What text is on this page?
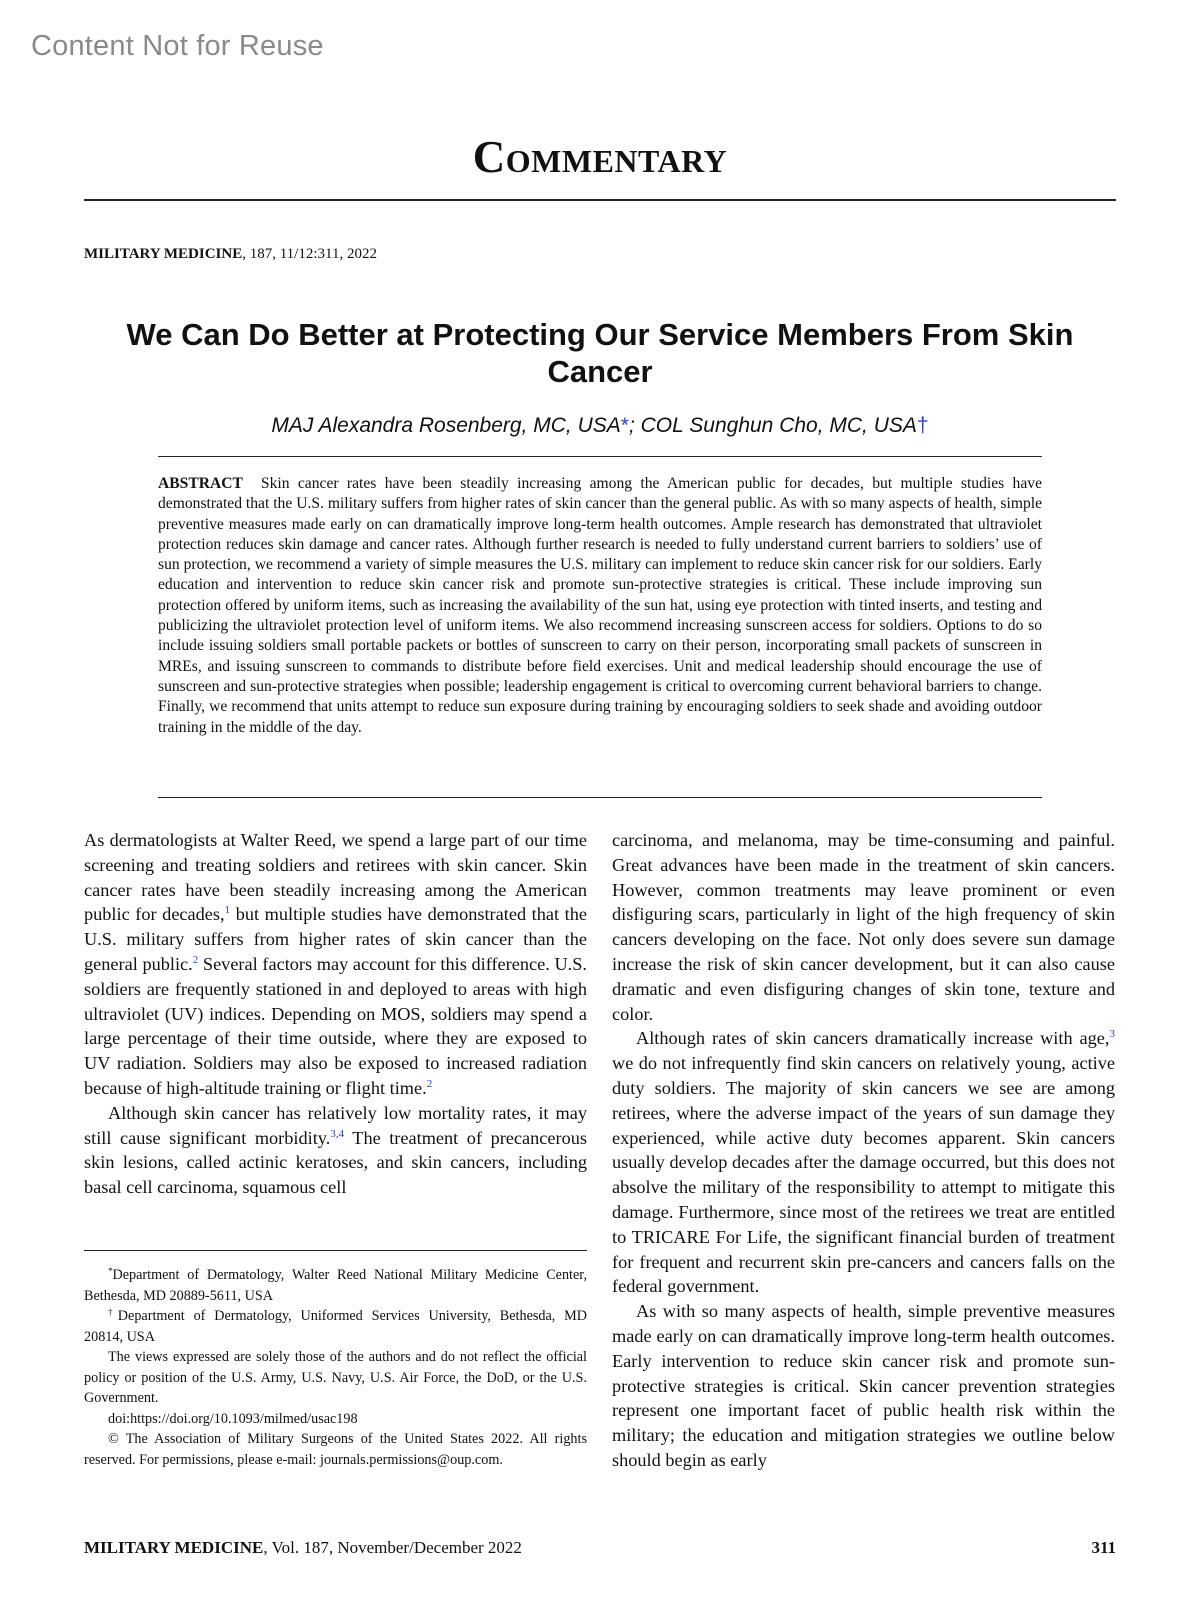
Content Not for Reuse
Commentary
MILITARY MEDICINE, 187, 11/12:311, 2022
We Can Do Better at Protecting Our Service Members From Skin Cancer
MAJ Alexandra Rosenberg, MC, USA*; COL Sunghun Cho, MC, USA†
ABSTRACT Skin cancer rates have been steadily increasing among the American public for decades, but multiple studies have demonstrated that the U.S. military suffers from higher rates of skin cancer than the general public. As with so many aspects of health, simple preventive measures made early on can dramatically improve long-term health outcomes. Ample research has demonstrated that ultraviolet protection reduces skin damage and cancer rates. Although further research is needed to fully understand current barriers to soldiers’ use of sun protection, we recommend a variety of simple measures the U.S. military can implement to reduce skin cancer risk for our soldiers. Early education and intervention to reduce skin cancer risk and promote sun-protective strategies is critical. These include improving sun protection offered by uniform items, such as increasing the availability of the sun hat, using eye protection with tinted inserts, and testing and publicizing the ultraviolet protection level of uniform items. We also recommend increasing sunscreen access for soldiers. Options to do so include issuing soldiers small portable packets or bottles of sunscreen to carry on their person, incorporating small packets of sunscreen in MREs, and issuing sunscreen to commands to distribute before field exercises. Unit and medical leadership should encourage the use of sunscreen and sun-protective strategies when possible; leadership engagement is critical to overcoming current behavioral barriers to change. Finally, we recommend that units attempt to reduce sun exposure during training by encouraging soldiers to seek shade and avoiding outdoor training in the middle of the day.

As dermatologists at Walter Reed, we spend a large part of our time screening and treating soldiers and retirees with skin cancer. Skin cancer rates have been steadily increasing among the American public for decades,$^1$ but multiple studies have demonstrated that the U.S. military suffers from higher rates of skin cancer than the general public.$^2$ Several factors may account for this difference. U.S. soldiers are frequently stationed in and deployed to areas with high ultraviolet (UV) indices. Depending on MOS, soldiers may spend a large percentage of their time outside, where they are exposed to UV radiation. Soldiers may also be exposed to increased radiation because of high-altitude training or flight time.$^2$

Although skin cancer has relatively low mortality rates, it may still cause significant morbidity.$^{3,4}$ The treatment of precancerous skin lesions, called actinic keratoses, and skin cancers, including basal cell carcinoma, squamous cell

carcinoma, and melanoma, may be time-consuming and painful. Great advances have been made in the treatment of skin cancers. However, common treatments may leave prominent or even disfiguring scars, particularly in light of the high frequency of skin cancers developing on the face. Not only does severe sun damage increase the risk of skin cancer development, but it can also cause dramatic and even disfiguring changes of skin tone, texture and color.

Although rates of skin cancers dramatically increase with age,$^3$ we do not infrequently find skin cancers on relatively young, active duty soldiers. The majority of skin cancers we see are among retirees, where the adverse impact of the years of sun damage they experienced, while active duty becomes apparent. Skin cancers usually develop decades after the damage occurred, but this does not absolve the military of the responsibility to attempt to mitigate this damage. Furthermore, since most of the retirees we treat are entitled to TRICARE For Life, the significant financial burden of treatment for frequent and recurrent skin pre-cancers and cancers falls on the federal government.

As with so many aspects of health, simple preventive measures made early on can dramatically improve long-term health outcomes. Early intervention to reduce skin cancer risk and promote sun-protective strategies is critical. Skin cancer prevention strategies represent one important facet of public health risk within the military; the education and mitigation strategies we outline below should begin as early

*Department of Dermatology, Walter Reed National Military Medicine Center, Bethesda, MD 20889-5611, USA

†Department of Dermatology, Uniformed Services University, Bethesda, MD 20814, USA

The views expressed are solely those of the authors and do not reflect the official policy or position of the U.S. Army, U.S. Navy, U.S. Air Force, the DoD, or the U.S. Government.

doi:https://doi.org/10.1093/milmed/usac198

© The Association of Military Surgeons of the United States 2022. All rights reserved. For permissions, please e-mail: journals.permissions@oup.com.

MILITARY MEDICINE, Vol. 187, November/December 2022	311
